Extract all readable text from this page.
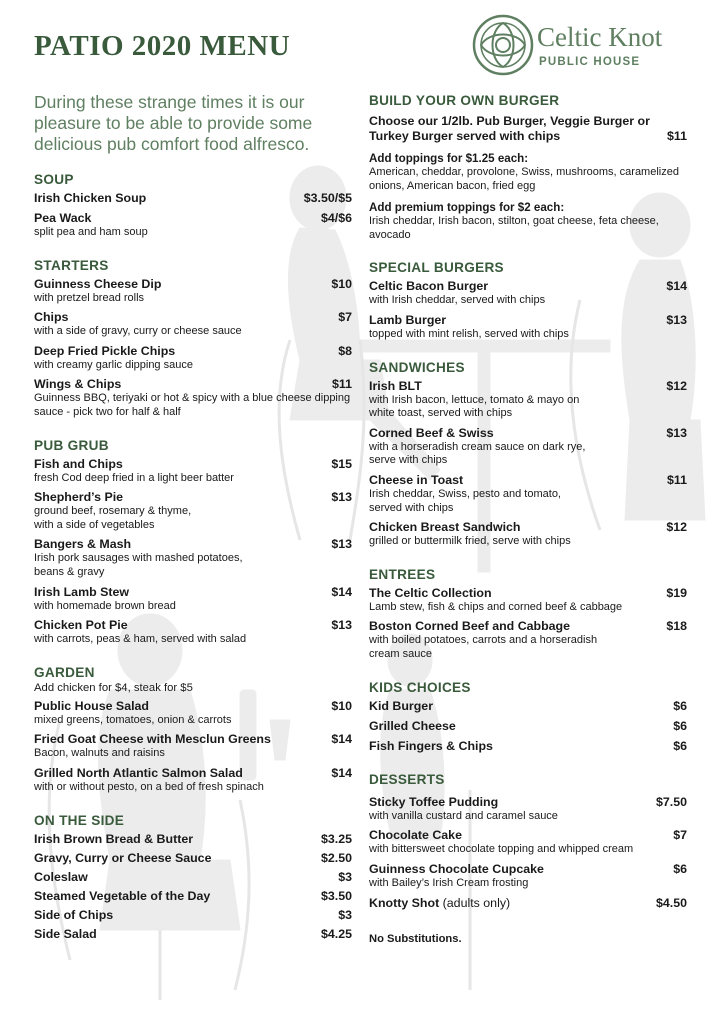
PATIO 2020 MENU	Celtic Knot
PUBLIC HOUSE
During these strange times it is our pleasure to be able to provide some delicious pub comfort food alfresco.
SOUP
Irish Chicken Soup	$3.50/$5
Pea Wack	$4/$6
split pea and ham soup
STARTERS
Guinness Cheese Dip	$10
with pretzel bread rolls
Chips	$7
with a side of gravy, curry or cheese sauce
Deep Fried Pickle Chips	$8
with creamy garlic dipping sauce
Wings & Chips	$11
Guinness BBQ, teriyaki or hot & spicy with a blue cheese dipping sauce - pick two for half & half
PUB GRUB
Fish and Chips	$15
fresh Cod deep fried in a light beer batter
Shepherd’s Pie	$13
ground beef, rosemary & thyme,
with a side of vegetables
Bangers & Mash	$13
Irish pork sausages with mashed potatoes,
beans & gravy
Irish Lamb Stew	$14
with homemade brown bread
Chicken Pot Pie	$13
with carrots, peas & ham, served with salad
GARDEN
Add chicken for $4, steak for $5
Public House Salad	$10
mixed greens, tomatoes, onion & carrots
Fried Goat Cheese with Mesclun Greens	$14
Bacon, walnuts and raisins
Grilled North Atlantic Salmon Salad	$14
with or without pesto, on a bed of fresh spinach
ON THE SIDE
Irish Brown Bread & Butter	$3.25
Gravy, Curry or Cheese Sauce	$2.50
Coleslaw	$3
Steamed Vegetable of the Day	$3.50
Side of Chips	$3
Side Salad	$4.25
BUILD YOUR OWN BURGER
Choose our 1/2lb. Pub Burger, Veggie Burger or Turkey Burger served with chips	$11
Add toppings for $1.25 each:
American, cheddar, provolone, Swiss, mushrooms, caramelized onions, American bacon, fried egg
Add premium toppings for $2 each:
Irish cheddar, Irish bacon, stilton, goat cheese, feta cheese, avocado
SPECIAL BURGERS
Celtic Bacon Burger	$14
with Irish cheddar, served with chips
Lamb Burger	$13
topped with mint relish, served with chips
SANDWICHES
Irish BLT	$12
with Irish bacon, lettuce, tomato & mayo on
white toast, served with chips
Corned Beef & Swiss	$13
with a horseradish cream sauce on dark rye,
serve with chips
Cheese in Toast	$11
Irish cheddar, Swiss, pesto and tomato,
served with chips
Chicken Breast Sandwich	$12
grilled or buttermilk fried, serve with chips
ENTREES
The Celtic Collection	$19
Lamb stew, fish & chips and corned beef & cabbage
Boston Corned Beef and Cabbage	$18
with boiled potatoes, carrots and a horseradish
cream sauce
KIDS CHOICES
Kid Burger	$6
Grilled Cheese	$6
Fish Fingers & Chips	$6
DESSERTS
Sticky Toffee Pudding	$7.50
with vanilla custard and caramel sauce
Chocolate Cake	$7
with bittersweet chocolate topping and whipped cream
Guinness Chocolate Cupcake	$6
with Bailey’s Irish Cream frosting
Knotty Shot (adults only)	$4.50
No Substitutions.
